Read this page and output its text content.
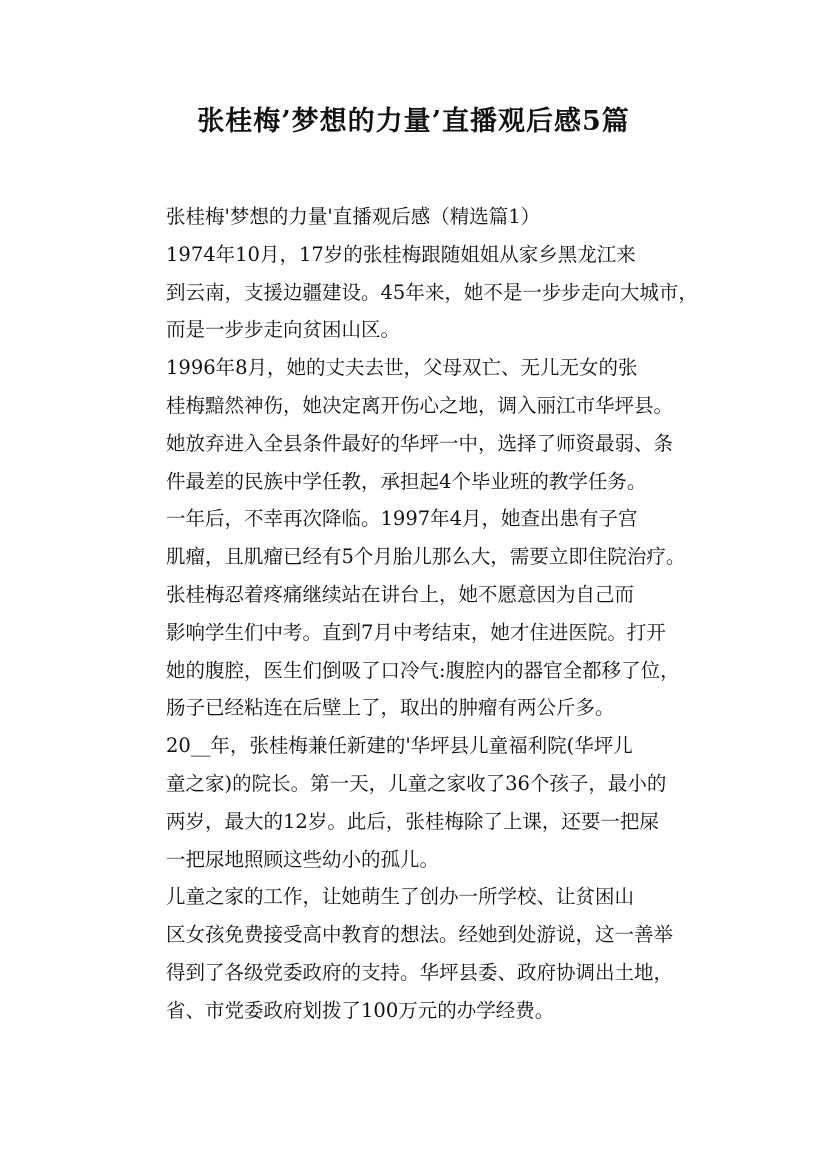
张桂梅’梦想的力量’直播观后感5篇

张桂梅'梦想的力量'直播观后感（精选篇1）

1974年10月，17岁的张桂梅跟随姐姐从家乡黑龙江来
到云南，支援边疆建设。45年来，她不是一步步走向大城市，
而是一步步走向贫困山区。

1996年8月，她的丈夫去世，父母双亡、无儿无女的张
桂梅黯然神伤，她决定离开伤心之地，调入丽江市华坪县。
她放弃进入全县条件最好的华坪一中，选择了师资最弱、条
件最差的民族中学任教，承担起4个毕业班的教学任务。

一年后，不幸再次降临。1997年4月，她查出患有子宫
肌瘤，且肌瘤已经有5个月胎儿那么大，需要立即住院治疗。

张桂梅忍着疼痛继续站在讲台上，她不愿意因为自己而
影响学生们中考。直到7月中考结束，她才住进医院。打开
她的腹腔，医生们倒吸了口冷气:腹腔内的器官全都移了位，
肠子已经粘连在后壁上了，取出的肿瘤有两公斤多。

20__年，张桂梅兼任新建的'华坪县儿童福利院(华坪儿
童之家)的院长。第一天，儿童之家收了36个孩子，最小的
两岁，最大的12岁。此后，张桂梅除了上课，还要一把屎
一把尿地照顾这些幼小的孤儿。

儿童之家的工作，让她萌生了创办一所学校、让贫困山
区女孩免费接受高中教育的想法。经她到处游说，这一善举
得到了各级党委政府的支持。华坪县委、政府协调出土地，
省、市党委政府划拨了100万元的办学经费。
